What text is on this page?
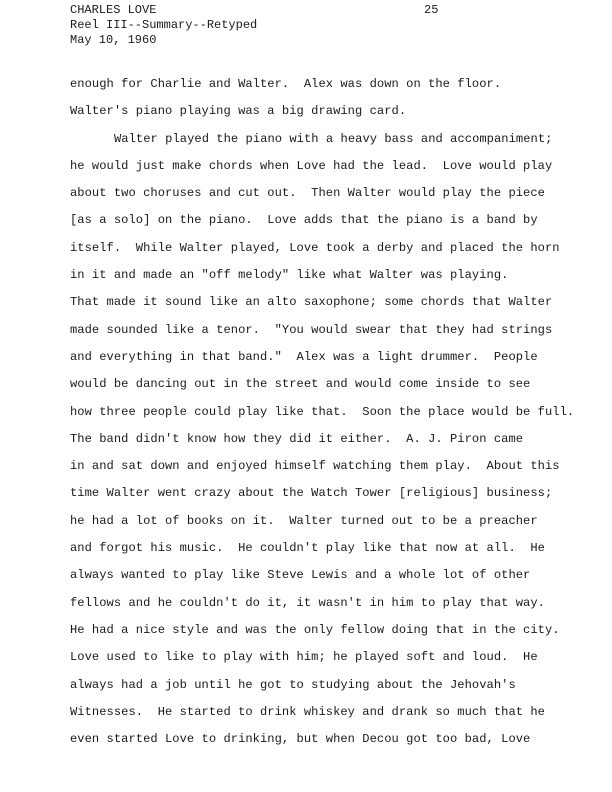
CHARLES LOVE
Reel III--Summary--Retyped
May 10, 1960
25
enough for Charlie and Walter.  Alex was down on the floor.
Walter's piano playing was a big drawing card.
Walter played the piano with a heavy bass and accompaniment;
he would just make chords when Love had the lead.  Love would play
about two choruses and cut out.  Then Walter would play the piece
[as a solo] on the piano.  Love adds that the piano is a band by
itself.  While Walter played, Love took a derby and placed the horn
in it and made an "off melody" like what Walter was playing.
That made it sound like an alto saxophone; some chords that Walter
made sounded like a tenor.  "You would swear that they had strings
and everything in that band."  Alex was a light drummer.  People
would be dancing out in the street and would come inside to see
how three people could play like that.  Soon the place would be full.
The band didn't know how they did it either.  A. J. Piron came
in and sat down and enjoyed himself watching them play.  About this
time Walter went crazy about the Watch Tower [religious] business;
he had a lot of books on it.  Walter turned out to be a preacher
and forgot his music.  He couldn't play like that now at all.  He
always wanted to play like Steve Lewis and a whole lot of other
fellows and he couldn't do it, it wasn't in him to play that way.
He had a nice style and was the only fellow doing that in the city.
Love used to like to play with him; he played soft and loud.  He
always had a job until he got to studying about the Jehovah's
Witnesses.  He started to drink whiskey and drank so much that he
even started Love to drinking, but when Decou got too bad, Love
